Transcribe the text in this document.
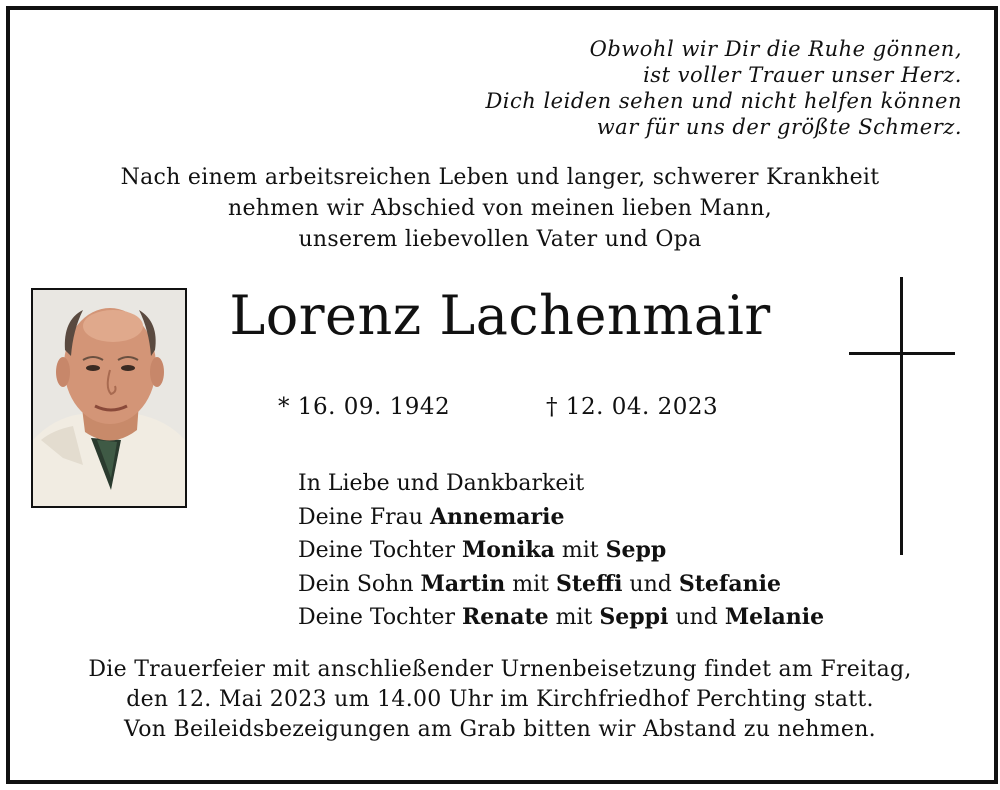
Obwohl wir Dir die Ruhe gönnen,
ist voller Trauer unser Herz.
Dich leiden sehen und nicht helfen können
war für uns der größte Schmerz.
Nach einem arbeitsreichen Leben und langer, schwerer Krankheit
nehmen wir Abschied von meinen lieben Mann,
unserem liebevollen Vater und Opa
Lorenz Lachenmair
* 16. 09. 1942	† 12. 04. 2023
In Liebe und Dankbarkeit
Deine Frau Annemarie
Deine Tochter Monika mit Sepp
Dein Sohn Martin mit Steffi und Stefanie
Deine Tochter Renate mit Seppi und Melanie
Die Trauerfeier mit anschließender Urnenbeisetzung findet am Freitag,
den 12. Mai 2023 um 14.00 Uhr im Kirchfriedhof Perchting statt.
Von Beileidsbezeigungen am Grab bitten wir Abstand zu nehmen.
